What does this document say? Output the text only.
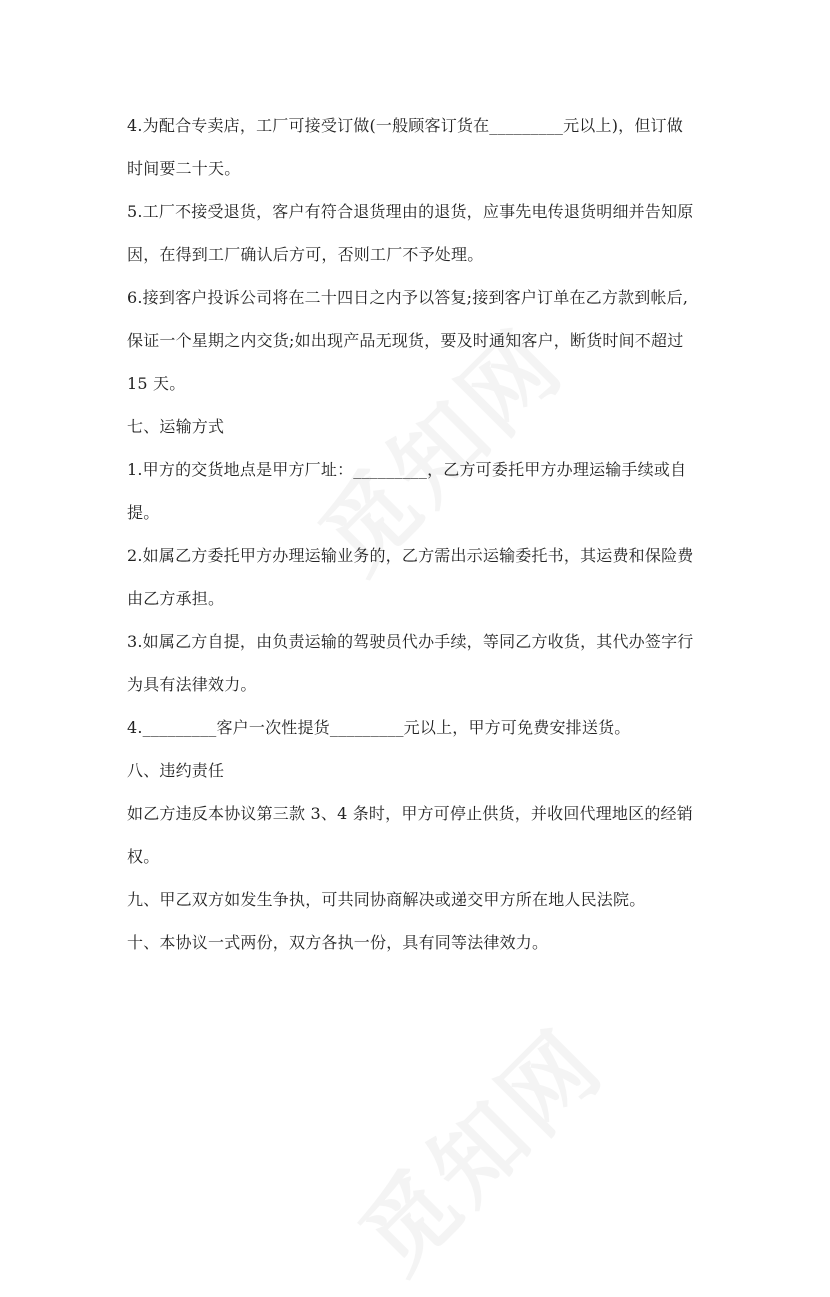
4.为配合专卖店，工厂可接受订做(一般顾客订货在_________元以上)，但订做
时间要二十天。
5.工厂不接受退货，客户有符合退货理由的退货，应事先电传退货明细并告知原
因，在得到工厂确认后方可，否则工厂不予处理。
6.接到客户投诉公司将在二十四日之内予以答复;接到客户订单在乙方款到帐后,
保证一个星期之内交货;如出现产品无现货，要及时通知客户，断货时间不超过
15 天。
七、运输方式
1.甲方的交货地点是甲方厂址：_________，乙方可委托甲方办理运输手续或自
提。
2.如属乙方委托甲方办理运输业务的，乙方需出示运输委托书，其运费和保险费
由乙方承担。
3.如属乙方自提，由负责运输的驾驶员代办手续，等同乙方收货，其代办签字行
为具有法律效力。
4._________客户一次性提货_________元以上，甲方可免费安排送货。
八、违约责任
如乙方违反本协议第三款 3、4 条时，甲方可停止供货，并收回代理地区的经销
权。
九、甲乙双方如发生争执，可共同协商解决或递交甲方所在地人民法院。
十、本协议一式两份，双方各执一份，具有同等法律效力。
